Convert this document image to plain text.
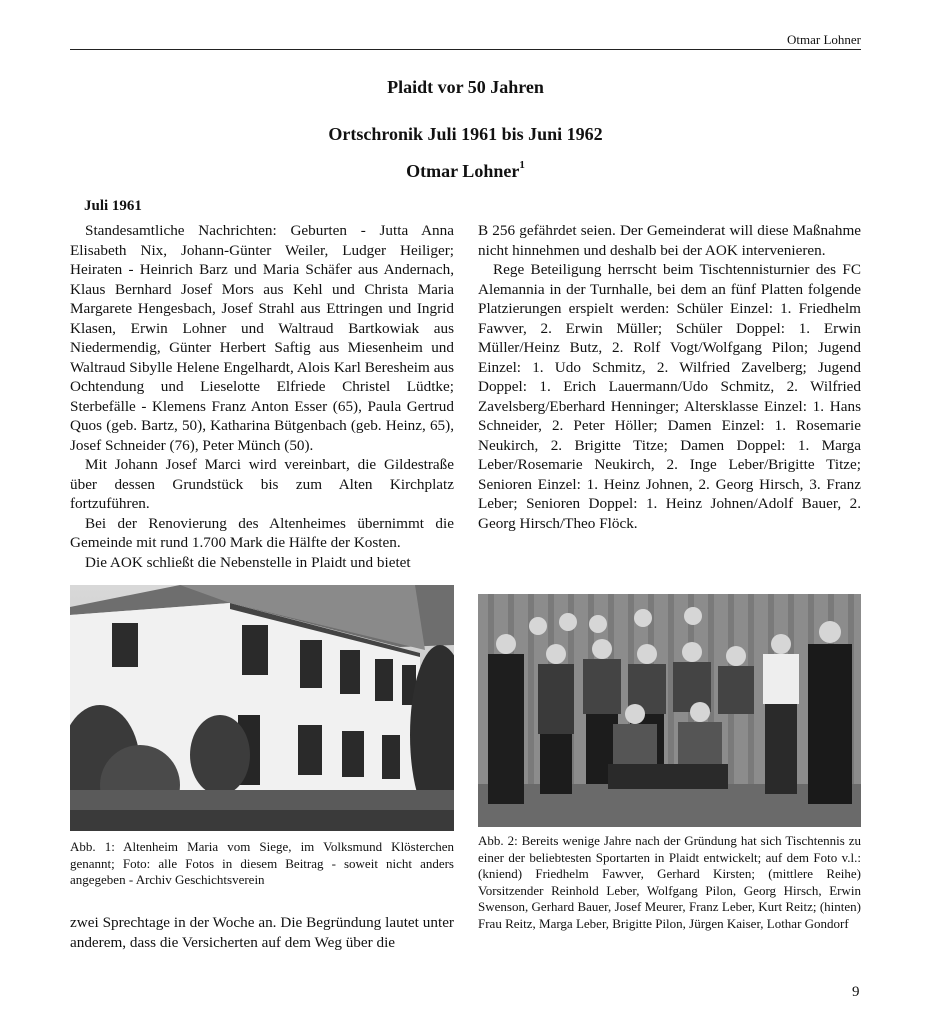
Otmar Lohner
Plaidt vor 50 Jahren
Ortschronik Juli 1961 bis Juni 1962
Otmar Lohner$^1$
Juli 1961

Standesamtliche Nachrichten: Geburten - Jutta Anna Elisabeth Nix, Johann-Günter Weiler, Ludger Heiliger; Heiraten - Heinrich Barz und Maria Schäfer aus Andernach, Klaus Bernhard Josef Mors aus Kehl und Christa Maria Margarete Hengesbach, Josef Strahl aus Ettringen und Ingrid Klasen, Erwin Lohner und Waltraud Bartkowiak aus Niedermendig, Günter Herbert Saftig aus Miesenheim und Waltraud Sibylle Helene Engelhardt, Alois Karl Beresheim aus Ochtendung und Lieselotte Elfriede Christel Lüdtke; Sterbefälle - Klemens Franz Anton Esser (65), Paula Gertrud Quos (geb. Bartz, 50), Katharina Bütgenbach (geb. Heinz, 65), Josef Schneider (76), Peter Münch (50).

Mit Johann Josef Marci wird vereinbart, die Gildestraße über dessen Grundstück bis zum Alten Kirchplatz fortzuführen.

Bei der Renovierung des Altenheimes übernimmt die Gemeinde mit rund 1.700 Mark die Hälfte der Kosten.

Die AOK schließt die Nebenstelle in Plaidt und bietet

B 256 gefährdet seien. Der Gemeinderat will diese Maßnahme nicht hinnehmen und deshalb bei der AOK intervenieren.

Rege Beteiligung herrscht beim Tischtennisturnier des FC Alemannia in der Turnhalle, bei dem an fünf Platten folgende Platzierungen erspielt werden: Schüler Einzel: 1. Friedhelm Fawver, 2. Erwin Müller; Schüler Doppel: 1. Erwin Müller/Heinz Butz, 2. Rolf Vogt/Wolfgang Pilon; Jugend Einzel: 1. Udo Schmitz, 2. Wilfried Zavelberg; Jugend Doppel: 1. Erich Lauermann/Udo Schmitz, 2. Wilfried Zavelsberg/Eberhard Henninger; Altersklasse Einzel: 1. Hans Schneider, 2. Peter Höller; Damen Einzel: 1. Rosemarie Neukirch, 2. Brigitte Titze; Damen Doppel: 1. Marga Leber/Rosemarie Neukirch, 2. Inge Leber/Brigitte Titze; Senioren Einzel: 1. Heinz Johnen, 2. Georg Hirsch, 3. Franz Leber; Senioren Doppel: 1. Heinz Johnen/Adolf Bauer, 2. Georg Hirsch/Theo Flöck.

Abb. 1: Altenheim Maria vom Siege, im Volksmund Klösterchen genannt; Foto: alle Fotos in diesem Beitrag - soweit nicht anders angegeben - Archiv Geschichtsverein
Abb. 2: Bereits wenige Jahre nach der Gründung hat sich Tischtennis zu einer der beliebtesten Sportarten in Plaidt entwickelt; auf dem Foto v.l.: (kniend) Friedhelm Fawver, Gerhard Kirsten; (mittlere Reihe) Vorsitzender Reinhold Leber, Wolfgang Pilon, Georg Hirsch, Erwin Swenson, Gerhard Bauer, Josef Meurer, Franz Leber, Kurt Reitz; (hinten) Frau Reitz, Marga Leber, Brigitte Pilon, Jürgen Kaiser, Lothar Gondorf

zwei Sprechtage in der Woche an. Die Begründung lautet unter anderem, dass die Versicherten auf dem Weg über die

9
